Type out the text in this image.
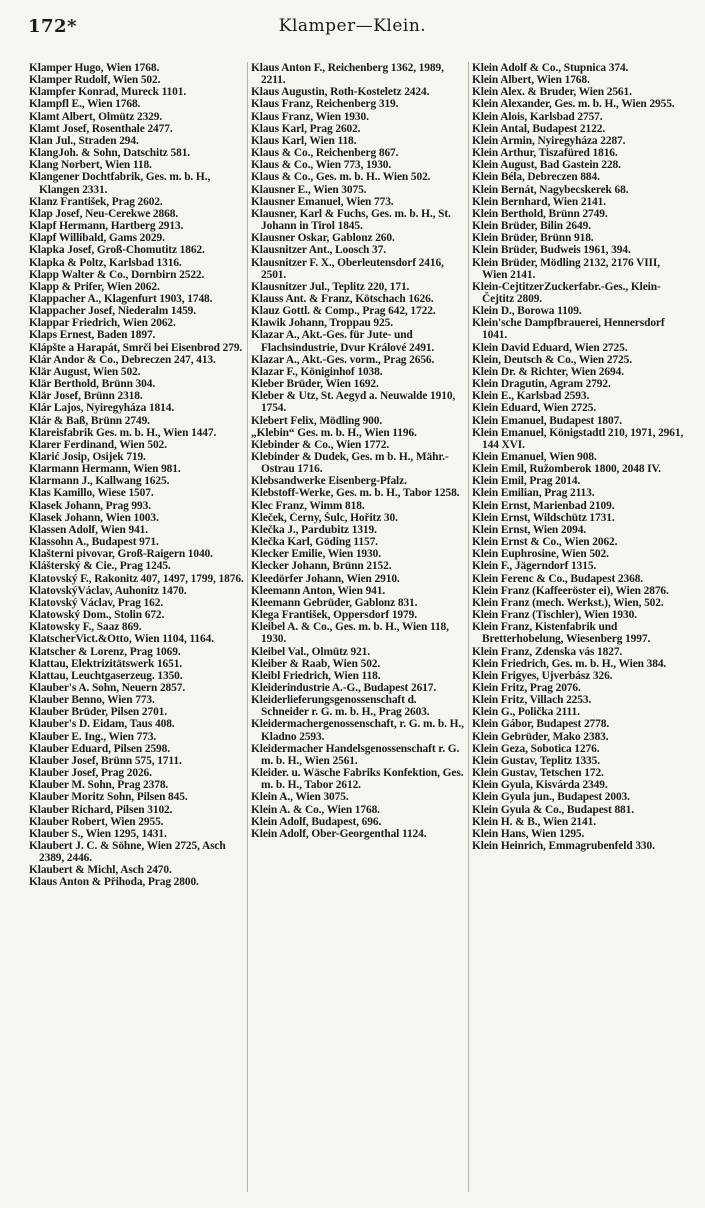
172*	Klamper—Klein.
Klamper Hugo, Wien 1768.
Klamper Rudolf, Wien 502.
Klampfer Konrad, Mureck 1101.
Klampfl E., Wien 1768.
Klamt Albert, Olmütz 2329.
Klamt Josef, Rosenthale 2477.
Klan Jul., Straden 294.
KlangJoh. & Sohn, Datschitz 581.
Klang Norbert, Wien 118.
Klangener Dochtfabrik, Ges. m. b. H., Klangen 2331.
Klanz František, Prag 2602.
Klap Josef, Neu-Cerekwe 2868.
Klapf Hermann, Hartberg 2913.
Klapf Willibald, Gams 2029.
Klapka Josef, Groß-Chomutitz 1862.
Klapka & Poltz, Karlsbad 1316.
Klapp Walter & Co., Dornbirn 2522.
Klapp & Prifer, Wien 2062.
Klappacher A., Klagenfurt 1903, 1748.
Klappacher Josef, Niederalm 1459.
Klappar Friedrich, Wien 2062.
Klaps Ernest, Baden 1897.
Klápšte a Harapát, Smrči bei Eisenbrod 279.
Klár Andor & Co., Debreczen 247, 413.
Klär August, Wien 502.
Klär Berthold, Brünn 304.
Klär Josef, Brünn 2318.
Klár Lajos, Nyiregyháza 1814.
Klár & Baß, Brünn 2749.
Klareisfabrik Ges. m. b. H., Wien 1447.
Klarer Ferdinand, Wien 502.
Klarić Josip, Osijek 719.
Klarmann Hermann, Wien 981.
Klarmann J., Kallwang 1625.
Klas Kamillo, Wiese 1507.
Klasek Johann, Prag 993.
Klasek Johann, Wien 1003.
Klassen Adolf, Wien 941.
Klassohn A., Budapest 971.
Klašterni pivovar, Groß-Raigern 1040.
Klášterský & Cie., Prag 1245.
Klatovský F., Rakonitz 407, 1497, 1799, 1876.
KlatovskýVáclav, Auhonitz 1470.
Klatovský Václav, Prag 162.
Klatowský Dom., Stolin 672.
Klatowsky F., Saaz 869.
KlatscherVict.&Otto, Wien 1104, 1164.
Klatscher & Lorenz, Prag 1069.
Klattau, Elektrizitätswerk 1651.
Klattau, Leuchtgaserzeug. 1350.
Klauber's A. Sohn, Neuern 2857.
Klauber Benno, Wien 773.
Klauber Brüder, Pilsen 2701.
Klauber's D. Eidam, Taus 408.
Klauber E. Ing., Wien 773.
Klauber Eduard, Pilsen 2598.
Klauber Josef, Brünn 575, 1711.
Klauber Josef, Prag 2026.
Klauber M. Sohn, Prag 2378.
Klauber Moritz Sohn, Pilsen 845.
Klauber Richard, Pilsen 3102.
Klauber Robert, Wien 2955.
Klauber S., Wien 1295, 1431.
Klaubert J. C. & Söhne, Wien 2725, Asch 2389, 2446.
Klaubert & Michl, Asch 2470.
Klaus Anton & Přihoda, Prag 2800.
Klaus Anton F., Reichenberg 1362, 1989, 2211.
Klaus Augustin, Roth-Kosteletz 2424.
Klaus Franz, Reichenberg 319.
Klaus Franz, Wien 1930.
Klaus Karl, Prag 2602.
Klaus Karl, Wien 118.
Klaus & Co., Reichenberg 867.
Klaus & Co., Wien 773, 1930.
Klaus & Co., Ges. m. b. H.. Wien 502.
Klausner E., Wien 3075.
Klausner Emanuel, Wien 773.
Klausner, Karl & Fuchs, Ges. m. b. H., St. Johann in Tirol 1845.
Klausner Oskar, Gablonz 260.
Klausnitzer Ant., Loosch 37.
Klausnitzer F. X., Oberleutensdorf 2416, 2501.
Klausnitzer Jul., Teplitz 220, 171.
Klauss Ant. & Franz, Kötschach 1626.
Klauz Gottl. & Comp., Prag 642, 1722.
Klawik Johann, Troppau 925.
Klazar A., Akt.-Ges. für Jute- und Flachsindustrie, Dvur Králové 2491.
Klazar A., Akt.-Ges. vorm., Prag 2656.
Klazar F., Königinhof 1038.
Kleber Brüder, Wien 1692.
Kleber & Utz, St. Aegyd a. Neuwalde 1910, 1754.
Klebert Felix, Mödling 900.
„Klebin“ Ges. m. b. H., Wien 1196.
Klebinder & Co., Wien 1772.
Klebinder & Dudek, Ges. m b. H., Mähr.-Ostrau 1716.
Klebsandwerke Eisenberg-Pfalz.
Klebstoff-Werke, Ges. m. b. H., Tabor 1258.
Klec Franz, Wimm 818.
Kleček, Černy, Šulc, Hořitz 30.
Klečka J., Pardubitz 1319.
Klečka Karl, Göding 1157.
Klecker Emilie, Wien 1930.
Klecker Johann, Brünn 2152.
Kleedörfer Johann, Wien 2910.
Kleemann Anton, Wien 941.
Kleemann Gebrüder, Gablonz 831.
Klega František, Oppersdorf 1979.
Kleibel A. & Co., Ges. m. b. H., Wien 118, 1930.
Kleibel Val., Olmütz 921.
Kleiber & Raab, Wien 502.
Kleibl Friedrich, Wien 118.
Kleiderindustrie A.-G., Budapest 2617.
Kleiderlieferungsgenossenschaft d. Schneider r. G. m. b. H., Prag 2603.
Kleidermachergenossenschaft, r. G. m. b. H., Kladno 2593.
Kleidermacher Handelsgenossenschaft r. G. m. b. H., Wien 2561.
Kleider. u. Wäsche Fabriks Konfektion, Ges. m. b. H., Tabor 2612.
Klein A., Wien 3075.
Klein A. & Co., Wien 1768.
Klein Adolf, Budapest, 696.
Klein Adolf, Ober-Georgenthal 1124.
Klein Adolf & Co., Stupnica 374.
Klein Albert, Wien 1768.
Klein Alex. & Bruder, Wien 2561.
Klein Alexander, Ges. m. b. H., Wien 2955.
Klein Alois, Karlsbad 2757.
Klein Antal, Budapest 2122.
Klein Armin, Nyiregyháza 2287.
Klein Arthur, Tiszafüred 1816.
Klein August, Bad Gastein 228.
Klein Béla, Debreczen 884.
Klein Bernát, Nagybecskerek 68.
Klein Bernhard, Wien 2141.
Klein Berthold, Brünn 2749.
Klein Brüder, Bilin 2649.
Klein Brüder, Brünn 918.
Klein Brüder, Budweis 1961, 394.
Klein Brüder, Mödling 2132, 2176 VIII, Wien 2141.
Klein-CejtitzerZuckerfabr.-Ges., Klein-Čejtitz 2809.
Klein D., Borowa 1109.
Klein'sche Dampfbrauerei, Hennersdorf 1041.
Klein David Eduard, Wien 2725.
Klein, Deutsch & Co., Wien 2725.
Klein Dr. & Richter, Wien 2694.
Klein Dragutin, Agram 2792.
Klein E., Karlsbad 2593.
Klein Eduard, Wien 2725.
Klein Emanuel, Budapest 1807.
Klein Emanuel, Königstadtl 210, 1971, 2961, 144 XVI.
Klein Emanuel, Wien 908.
Klein Emil, Ružomberok 1800, 2048 IV.
Klein Emil, Prag 2014.
Klein Emilian, Prag 2113.
Klein Ernst, Marienbad 2109.
Klein Ernst, Wildschütz 1731.
Klein Ernst, Wien 2094.
Klein Ernst & Co., Wien 2062.
Klein Euphrosine, Wien 502.
Klein F., Jägerndorf 1315.
Klein Ferenc & Co., Budapest 2368.
Klein Franz (Kaffeeröster ei), Wien 2876.
Klein Franz (mech. Werkst.), Wien, 502.
Klein Franz (Tischler), Wien 1930.
Klein Franz, Kistenfabrik und Bretterhobelung, Wiesenberg 1997.
Klein Franz, Zdenska vás 1827.
Klein Friedrich, Ges. m. b. H., Wien 384.
Klein Frigyes, Ujverbász 326.
Klein Fritz, Prag 2076.
Klein Fritz, Villach 2253.
Klein G., Polička 2111.
Klein Gábor, Budapest 2778.
Klein Gebrüder, Mako 2383.
Klein Geza, Sobotica 1276.
Klein Gustav, Teplitz 1335.
Klein Gustav, Tetschen 172.
Klein Gyula, Kisvárda 2349.
Klein Gyula jun., Budapest 2003.
Klein Gyula & Co., Budapest 881.
Klein H. & B., Wien 2141.
Klein Hans, Wien 1295.
Klein Heinrich, Emmagrubenfeld 330.
